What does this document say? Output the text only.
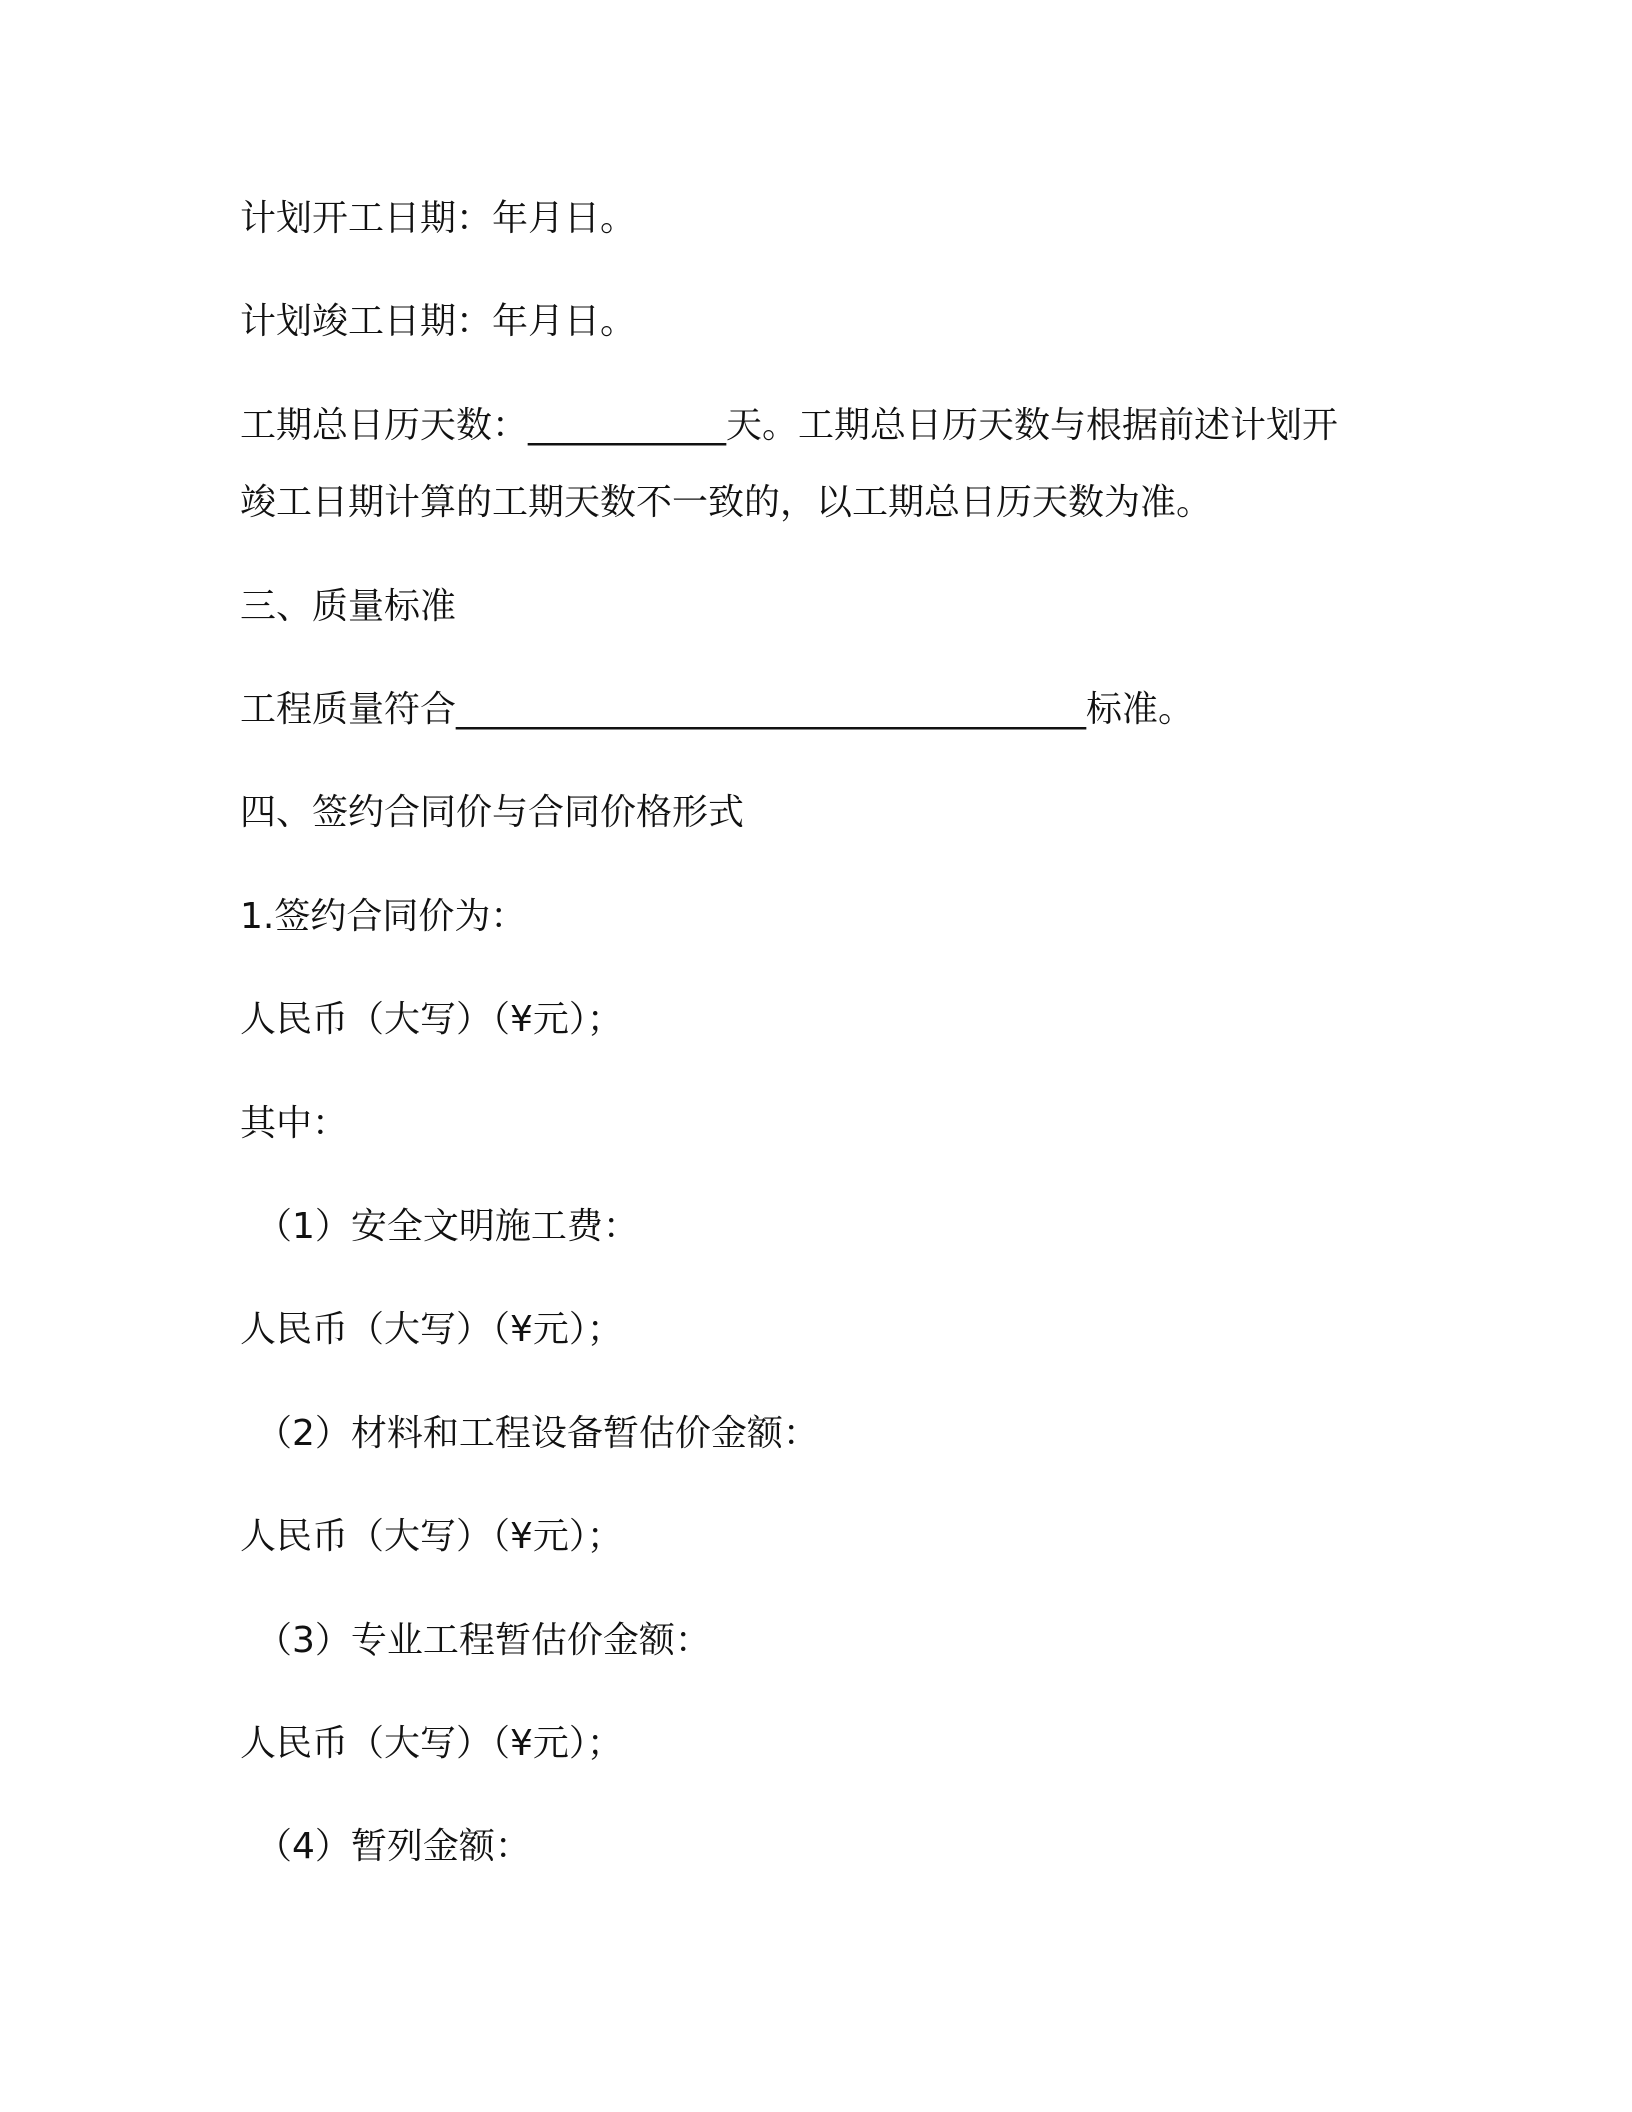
计划开工日期：年月日。

计划竣工日期：年月日。

工期总日历天数：___________天。工期总日历天数与根据前述计划开

竣工日期计算的工期天数不一致的，以工期总日历天数为准。

三、质量标准

工程质量符合___________________________________标准。

四、签约合同价与合同价格形式

1.签约合同价为：

人民币（大写）（¥元）；

其中：

（1）安全文明施工费：

人民币（大写）（¥元）；

（2）材料和工程设备暂估价金额：

人民币（大写）（¥元）；

（3）专业工程暂估价金额：

人民币（大写）（¥元）；

（4）暂列金额：
